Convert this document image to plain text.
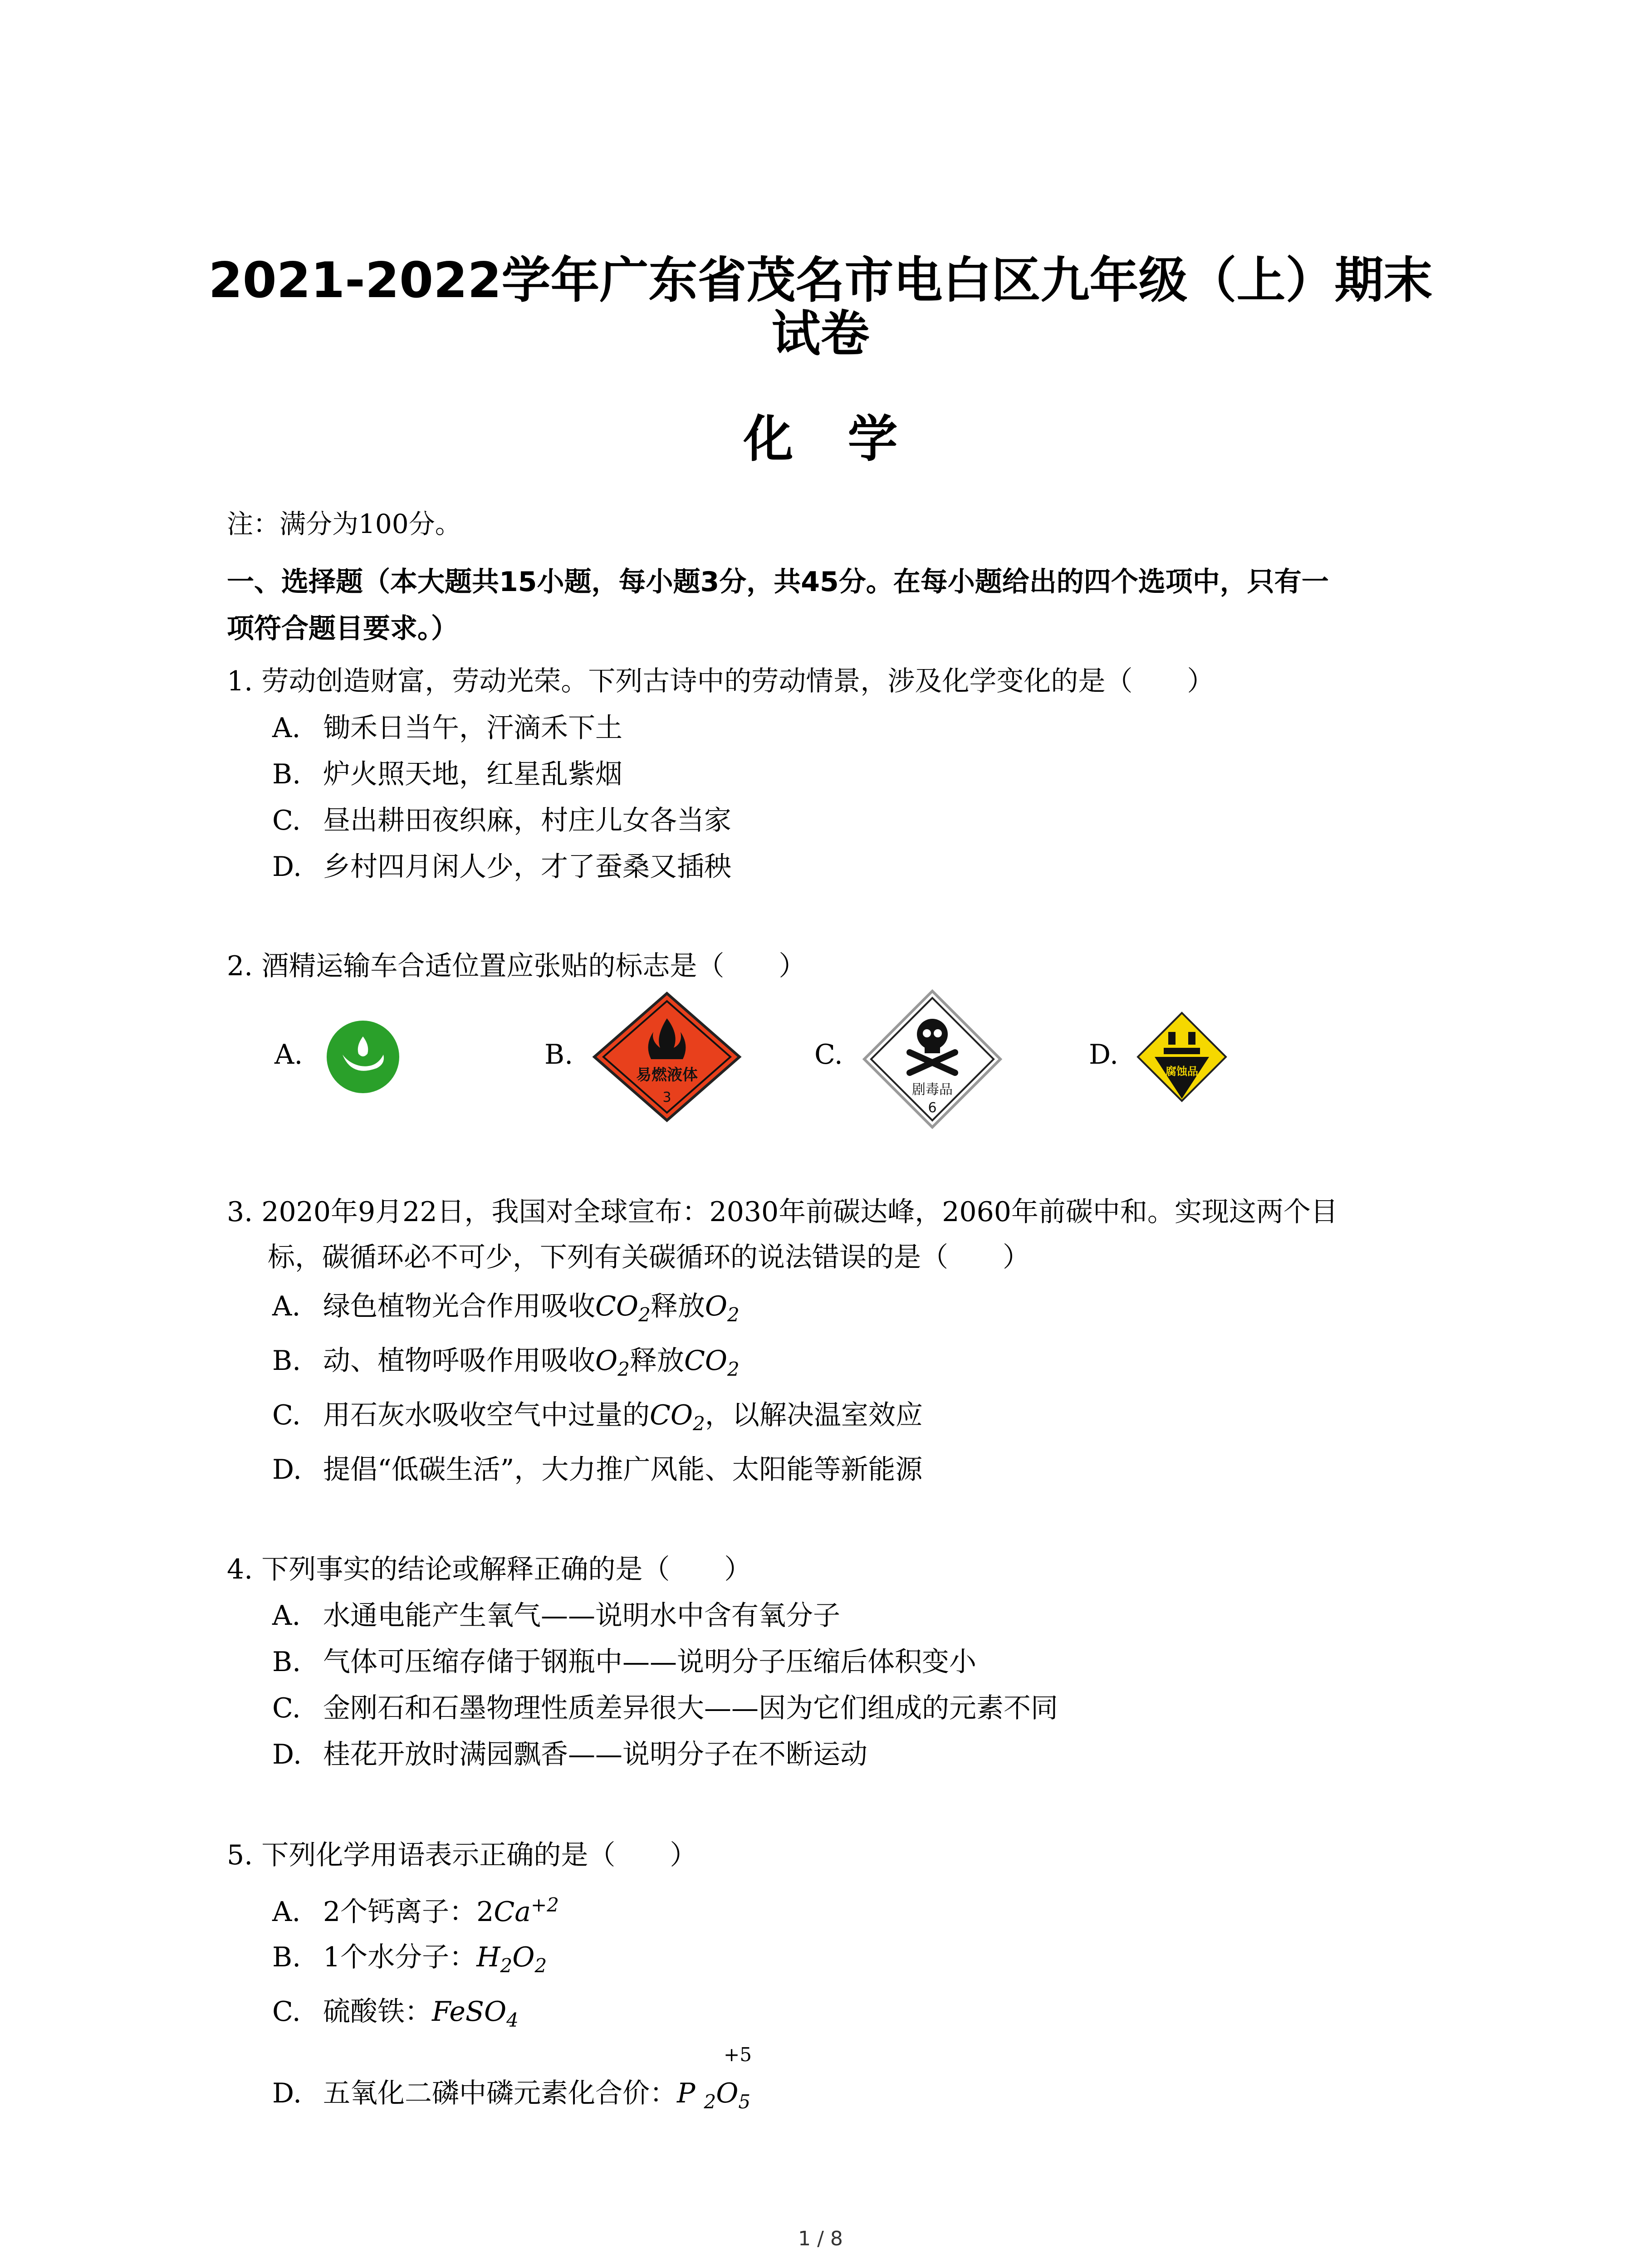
2021-2022学年广东省茂名市电白区九年级（上）期末
试卷
化学
注：满分为100分。
一、选择题（本大题共15小题，每小题3分，共45分。在每小题给出的四个选项中，只有一
项符合题目要求。）
1. 劳动创造财富，劳动光荣。下列古诗中的劳动情景，涉及化学变化的是（　　）
A. 锄禾日当午，汗滴禾下土
B. 炉火照天地，红星乱紫烟
C. 昼出耕田夜织麻，村庄儿女各当家
D. 乡村四月闲人少，才了蚕桑又插秧
2. 酒精运输车合适位置应张贴的标志是（　　）
A.	B.
易燃液体
3
C.
剧毒品
6
D.
腐蚀品
3. 2020年9月22日，我国对全球宣布：2030年前碳达峰，2060年前碳中和。实现这两个目
标，碳循环必不可少，下列有关碳循环的说法错误的是（　　）
A. 绿色植物光合作用吸收$CO_2$释放$O_2$
B. 动、植物呼吸作用吸收$O_2$释放$CO_2$
C. 用石灰水吸收空气中过量的$CO_2$，以解决温室效应
D. 提倡“低碳生活”，大力推广风能、太阳能等新能源
4. 下列事实的结论或解释正确的是（　　）
A. 水通电能产生氧气——说明水中含有氧分子
B. 气体可压缩存储于钢瓶中——说明分子压缩后体积变小
C. 金刚石和石墨物理性质差异很大——因为它们组成的元素不同
D. 桂花开放时满园飘香——说明分子在不断运动
5. 下列化学用语表示正确的是（　　）
A. 2个钙离子：$2Ca^{+2}$
B. 1个水分子：$H_2O_2$
C. 硫酸铁：FeSO$_4$
+5
D. 五氧化二磷中磷元素化合价：P $_2O_5$
1 / 8
